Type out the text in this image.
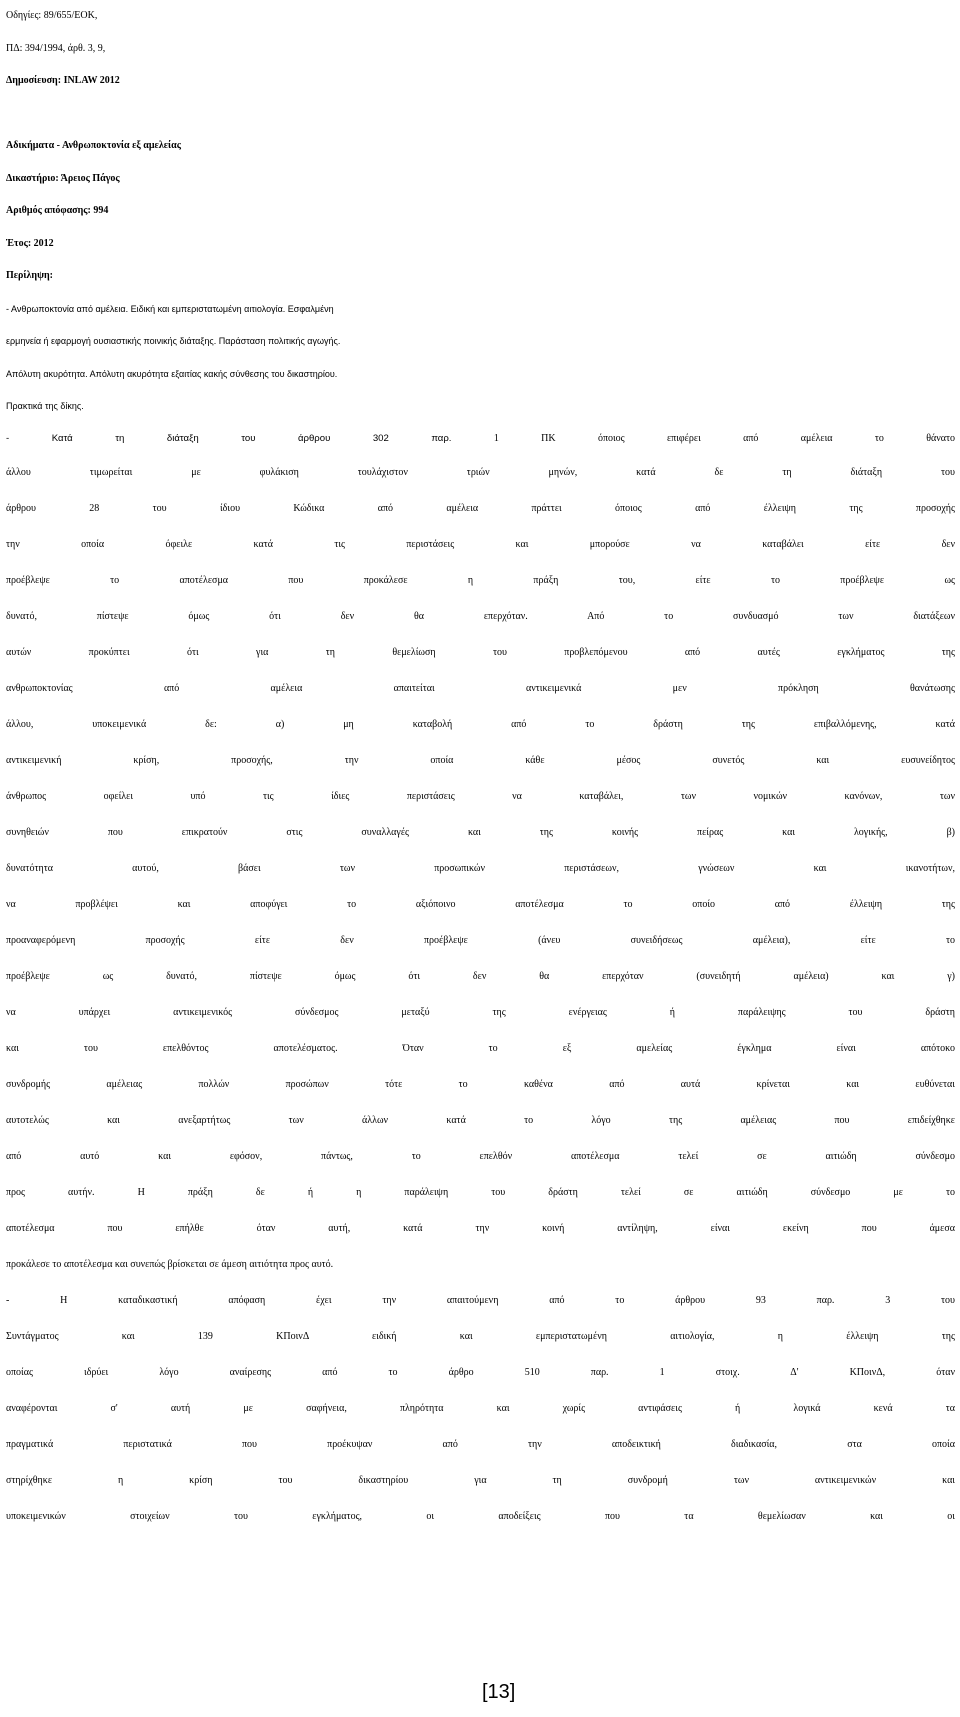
Οδηγίες: 89/655/ΕΟΚ,
ΠΔ: 394/1994, άρθ. 3, 9,
Δημοσίευση: INLAW 2012
Αδικήματα - Ανθρωποκτονία εξ αμελείας
Δικαστήριο: Άρειος Πάγος
Αριθμός απόφασης: 994
Έτος: 2012
Περίληψη:
- Ανθρωποκτονία από αμέλεια. Ειδική και εμπεριστατωμένη αιτιολογία. Εσφαλμένη
ερμηνεία ή εφαρμογή ουσιαστικής ποινικής διάταξης. Παράσταση πολιτικής αγωγής.
Απόλυτη ακυρότητα. Απόλυτη ακυρότητα εξαιτίας κακής σύνθεσης του δικαστηρίου.
Πρακτικά της δίκης.
- Κατά τη διάταξη του άρθρου 302 παρ.	1 ΠΚ όποιος επιφέρει από αμέλεια το θάνατο
άλλου τιμωρείται με φυλάκιση τουλάχιστον τριών μηνών, κατά δε τη διάταξη του
άρθρου 28 του ίδιου Κώδικα από αμέλεια πράττει όποιος από έλλειψη της προσοχής
την οποία όφειλε κατά τις περιστάσεις και μπορούσε να καταβάλει είτε δεν
προέβλεψε το αποτέλεσμα που προκάλεσε η πράξη του, είτε το προέβλεψε ως
δυνατό, πίστεψε όμως ότι δεν θα επερχόταν. Από το συνδυασμό των διατάξεων
αυτών προκύπτει ότι για τη θεμελίωση του προβλεπόμενου από αυτές εγκλήματος της
ανθρωποκτονίας από αμέλεια απαιτείται αντικειμενικά μεν πρόκληση θανάτωσης
άλλου, υποκειμενικά δε: α) μη καταβολή από το δράστη της επιβαλλόμενης, κατά
αντικειμενική κρίση, προσοχής, την οποία κάθε μέσος συνετός και ευσυνείδητος
άνθρωπος οφείλει υπό τις ίδιες περιστάσεις να καταβάλει, των νομικών κανόνων, των
συνηθειών που επικρατούν στις συναλλαγές και της κοινής πείρας και λογικής, β)
δυνατότητα αυτού, βάσει των προσωπικών περιστάσεων, γνώσεων και ικανοτήτων,
να προβλέψει και αποφύγει το αξιόποινο αποτέλεσμα το οποίο από έλλειψη της
προαναφερόμενη προσοχής είτε δεν προέβλεψε (άνευ συνειδήσεως αμέλεια), είτε το
προέβλεψε ως δυνατό, πίστεψε όμως ότι δεν θα επερχόταν (συνειδητή αμέλεια) και γ)
να υπάρχει αντικειμενικός σύνδεσμος μεταξύ της ενέργειας ή παράλειψης του δράστη
και του επελθόντος αποτελέσματος. Όταν το εξ αμελείας έγκλημα είναι απότοκο
συνδρομής αμέλειας πολλών προσώπων τότε το καθένα από αυτά κρίνεται και ευθύνεται
αυτοτελώς και ανεξαρτήτως των άλλων κατά το λόγο της αμέλειας που επιδείχθηκε
από αυτό και εφόσον, πάντως, το επελθόν αποτέλεσμα τελεί σε αιτιώδη σύνδεσμο
προς αυτήν. Η πράξη δε ή η παράλειψη του δράστη τελεί σε αιτιώδη σύνδεσμο με το
αποτέλεσμα που επήλθε όταν αυτή, κατά την κοινή αντίληψη, είναι εκείνη που άμεσα
προκάλεσε το αποτέλεσμα και συνεπώς βρίσκεται σε άμεση αιτιότητα προς αυτό.
- Η καταδικαστική απόφαση έχει την απαιτούμενη από το άρθρου 93 παρ. 3 του
Συντάγματος και 139 ΚΠοινΔ ειδική και εμπεριστατωμένη αιτιολογία, η έλλειψη της
οποίας ιδρύει λόγο αναίρεσης από το άρθρο 510 παρ. 1 στοιχ. Δ' ΚΠοινΔ, όταν
αναφέρονται σ' αυτή με σαφήνεια, πληρότητα και χωρίς αντιφάσεις ή λογικά κενά τα
πραγματικά περιστατικά που προέκυψαν από την αποδεικτική διαδικασία, στα οποία
στηρίχθηκε η κρίση του δικαστηρίου για τη συνδρομή των αντικειμενικών και
υποκειμενικών στοιχείων του εγκλήματος, οι αποδείξεις που τα θεμελίωσαν και οι
[13]
